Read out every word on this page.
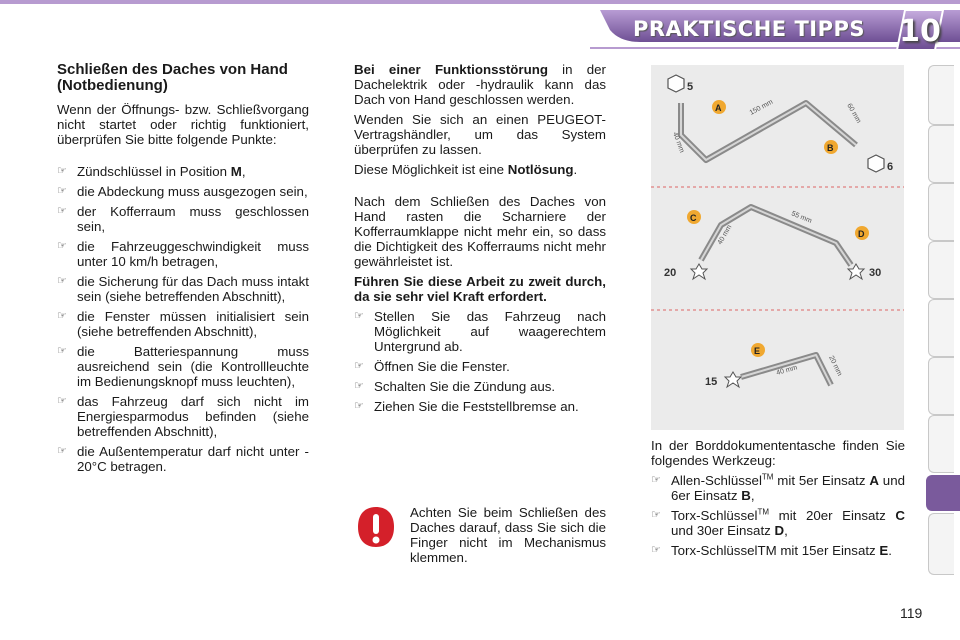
PRAKTISCHE TIPPS 10
Schließen des Daches von Hand (Notbedienung)

Wenn der Öffnungs- bzw. Schließvorgang nicht startet oder richtig funktioniert, überprüfen Sie bitte folgende Punkte:

☞ Zündschlüssel in Position M,
☞ die Abdeckung muss ausgezogen sein,
☞ der Kofferraum muss geschlossen sein,
☞ die Fahrzeuggeschwindigkeit muss unter 10 km/h betragen,
☞ die Sicherung für das Dach muss intakt sein (siehe betreffenden Abschnitt),
☞ die Fenster müssen initialisiert sein (siehe betreffenden Abschnitt),
☞ die Batteriespannung muss ausreichend sein (die Kontrollleuchte im Bedienungsknopf muss leuchten),
☞ das Fahrzeug darf sich nicht im Energiesparmodus befinden (siehe betreffenden Abschnitt),
☞ die Außentemperatur darf nicht unter - 20°C betragen.

Bei einer Funktionsstörung in der Dachelektrik oder -hydraulik kann das Dach von Hand geschlossen werden.

Wenden Sie sich an einen PEUGEOT-Vertragshändler, um das System überprüfen zu lassen.

Diese Möglichkeit ist eine Notlösung.

Nach dem Schließen des Daches von Hand rasten die Scharniere der Kofferraumklappe nicht mehr ein, so dass die Dichtigkeit des Kofferraums nicht mehr gewährleistet ist.

Führen Sie diese Arbeit zu zweit durch, da sie sehr viel Kraft erfordert.

☞ Stellen Sie das Fahrzeug nach Möglichkeit auf waagerechtem Untergrund ab.
☞ Öffnen Sie die Fenster.
☞ Schalten Sie die Zündung aus.
☞ Ziehen Sie die Feststellbremse an.
Achten Sie beim Schließen des Daches darauf, dass Sie sich die Finger nicht im Mechanismus klemmen.
5
6
A
B
150 mm	60 mm
40 mm
20	30
C
D
55 mm
40 mm
15
E
40 mm	20 mm

In der Borddokumententasche finden Sie folgendes Werkzeug:

☞ Allen-Schlüssel™ mit 5er Einsatz A und 6er Einsatz B,
☞ Torx-Schlüssel™ mit 20er Einsatz C und 30er Einsatz D,
☞ Torx-SchlüsselTM mit 15er Einsatz E.
119
